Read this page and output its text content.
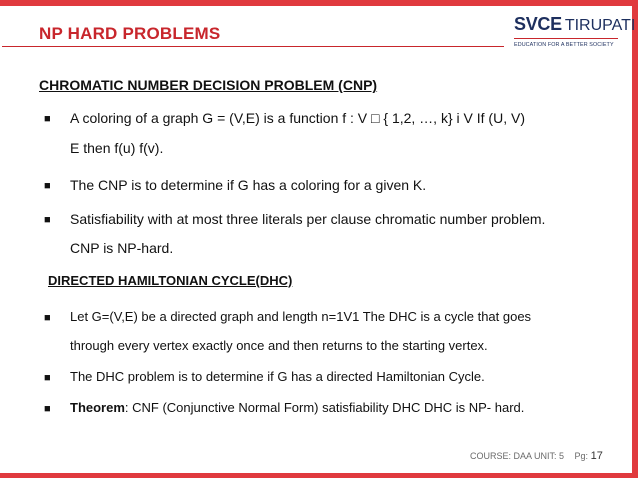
NP HARD PROBLEMS	SVCE TIRUPATI
EDUCATION FOR A BETTER SOCIETY
CHROMATIC NUMBER DECISION PROBLEM (CNP)
■ A coloring of a graph G = (V,E) is a function f : V □ { 1,2, …, k} i V If (U, V)
E then f(u) f(v).
■ The CNP is to determine if G has a coloring for a given K.
■ Satisfiability with at most three literals per clause chromatic number problem.
CNP is NP-hard.
DIRECTED HAMILTONIAN CYCLE(DHC)
■ Let G=(V,E) be a directed graph and length n=1V1 The DHC is a cycle that goes
through every vertex exactly once and then returns to the starting vertex.
■ The DHC problem is to determine if G has a directed Hamiltonian Cycle.
■ Theorem: CNF (Conjunctive Normal Form) satisfiability DHC DHC is NP- hard.
COURSE: DAA UNIT: 5 Pg: 17
